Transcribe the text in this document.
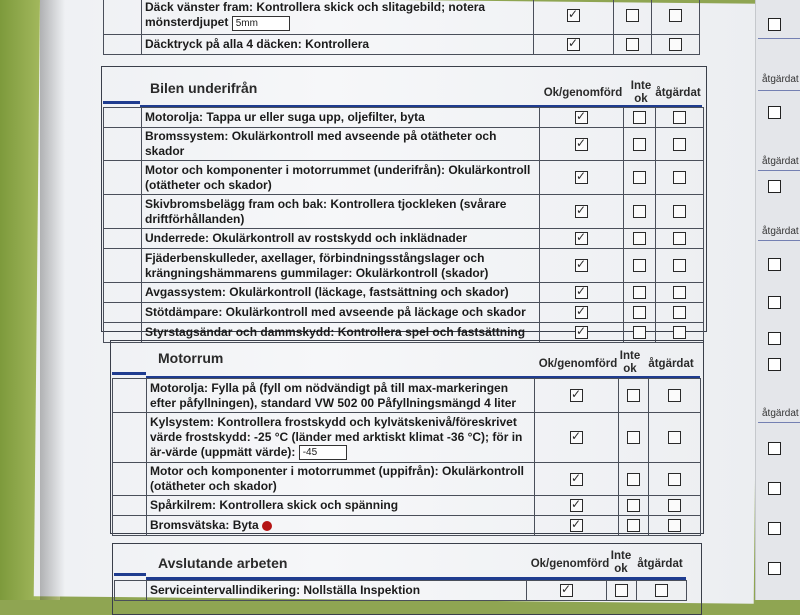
	Däck vänster fram: Kontrollera skick och slitagebild; notera mönsterdjupet 5mm	✓		
	Däcktryck på alla 4 däcken: Kontrollera	✓		
Bilen underifrån	Ok/genomförd
Inte ok åtgärdat
	Motorolja: Tappa ur eller suga upp, oljefilter, byta	✓		
	Bromssystem: Okulärkontroll med avseende på otätheter och skador	✓		
	Motor och komponenter i motorrummet (underifrån): Okulärkontroll (otätheter och skador)	✓		
	Skivbromsbelägg fram och bak: Kontrollera tjockleken (svårare driftförhållanden)	✓		
	Underrede: Okulärkontroll av rostskydd och inklädnader	✓		
	Fjäderbenskulleder, axellager, förbindningsstångslager och krängningshämmarens gummilager: Okulärkontroll (skador)	✓		
	Avgassystem: Okulärkontroll (läckage, fastsättning och skador)	✓		
	Stötdämpare: Okulärkontroll med avseende på läckage och skador	✓		
	Styrstagsändar och dammskydd: Kontrollera spel och fastsättning	✓		
Motorrum	Ok/genomförd
Inte ok	åtgärdat
	Motorolja: Fylla på (fyll om nödvändigt på till max-markeringen efter påfyllningen), standard VW 502 00 Påfyllningsmängd 4 liter	✓		
	Kylsystem: Kontrollera frostskydd och kylvätskenivå/föreskrivet värde frostskydd: -25 °C (länder med arktiskt klimat -36 °C); för in är-värde (uppmätt värde): -45	✓		
	Motor och komponenter i motorrummet (uppifrån): Okulärkontroll (otätheter och skador)	✓		
	Spårkilrem: Kontrollera skick och spänning	✓		
	Bromsvätska: Byta	✓		
Avslutande arbeten	Ok/genomförd
Inte ok åtgärdat
	Serviceintervallindikering: Nollställa Inspektion	✓		
åtgärdat
åtgärdat
åtgärdat
åtgärdat
